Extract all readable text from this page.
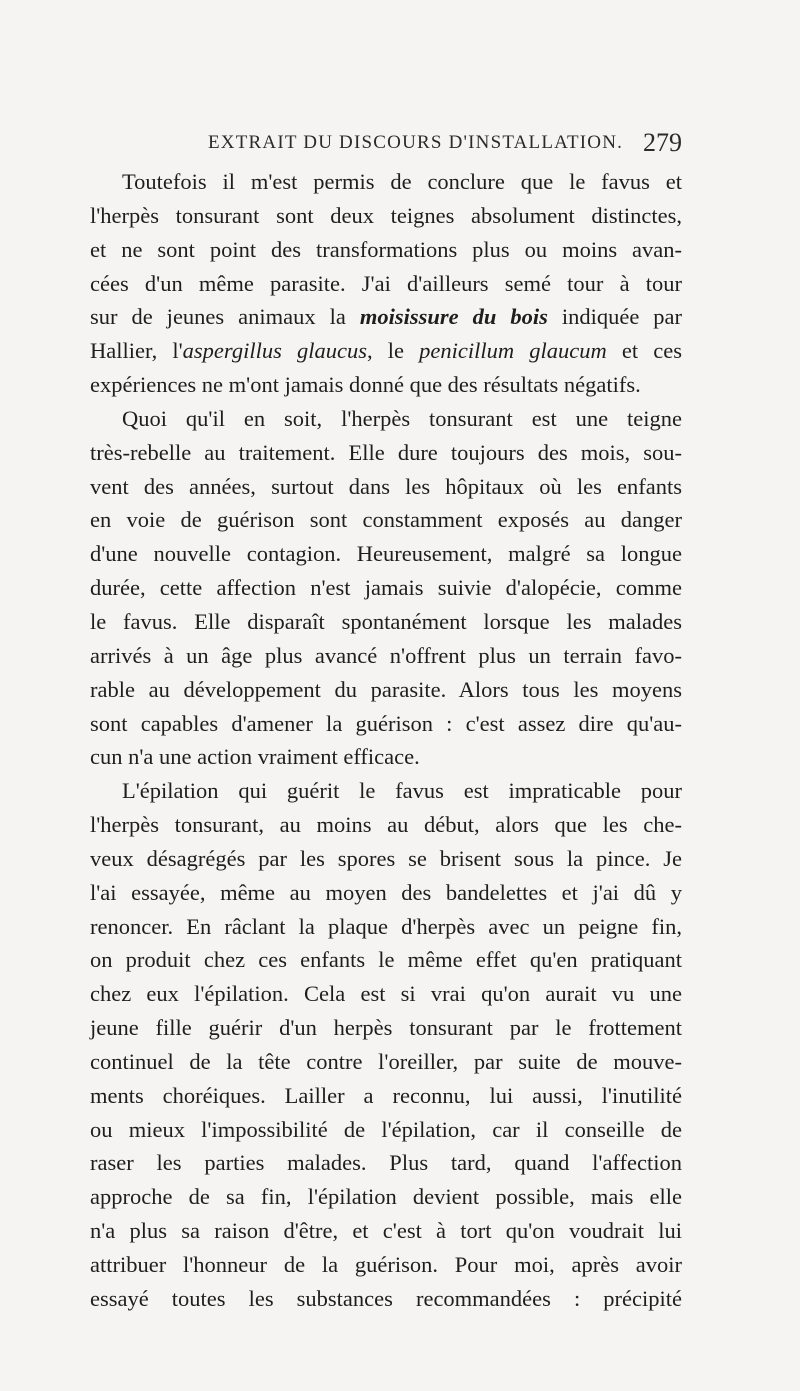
EXTRAIT DU DISCOURS D'INSTALLATION. 279
Toutefois il m'est permis de conclure que le favus et
l'herpès tonsurant sont deux teignes absolument distinctes,
et ne sont point des transformations plus ou moins avan-
cées d'un même parasite. J'ai d'ailleurs semé tour à tour
sur de jeunes animaux la moisissure du bois indiquée par
Hallier, l'aspergillus glaucus, le penicillum glaucum et ces
expériences ne m'ont jamais donné que des résultats négatifs.
Quoi qu'il en soit, l'herpès tonsurant est une teigne
très-rebelle au traitement. Elle dure toujours des mois, sou-
vent des années, surtout dans les hôpitaux où les enfants
en voie de guérison sont constamment exposés au danger
d'une nouvelle contagion. Heureusement, malgré sa longue
durée, cette affection n'est jamais suivie d'alopécie, comme
le favus. Elle disparaît spontanément lorsque les malades
arrivés à un âge plus avancé n'offrent plus un terrain favo-
rable au développement du parasite. Alors tous les moyens
sont capables d'amener la guérison : c'est assez dire qu'au-
cun n'a une action vraiment efficace.
L'épilation qui guérit le favus est impraticable pour
l'herpès tonsurant, au moins au début, alors que les che-
veux désagrégés par les spores se brisent sous la pince. Je
l'ai essayée, même au moyen des bandelettes et j'ai dû y
renoncer. En râclant la plaque d'herpès avec un peigne fin,
on produit chez ces enfants le même effet qu'en pratiquant
chez eux l'épilation. Cela est si vrai qu'on aurait vu une
jeune fille guérir d'un herpès tonsurant par le frottement
continuel de la tête contre l'oreiller, par suite de mouve-
ments choréiques. Lailler a reconnu, lui aussi, l'inutilité
ou mieux l'impossibilité de l'épilation, car il conseille de
raser les parties malades. Plus tard, quand l'affection
approche de sa fin, l'épilation devient possible, mais elle
n'a plus sa raison d'être, et c'est à tort qu'on voudrait lui
attribuer l'honneur de la guérison. Pour moi, après avoir
essayé toutes les substances recommandées : précipité
